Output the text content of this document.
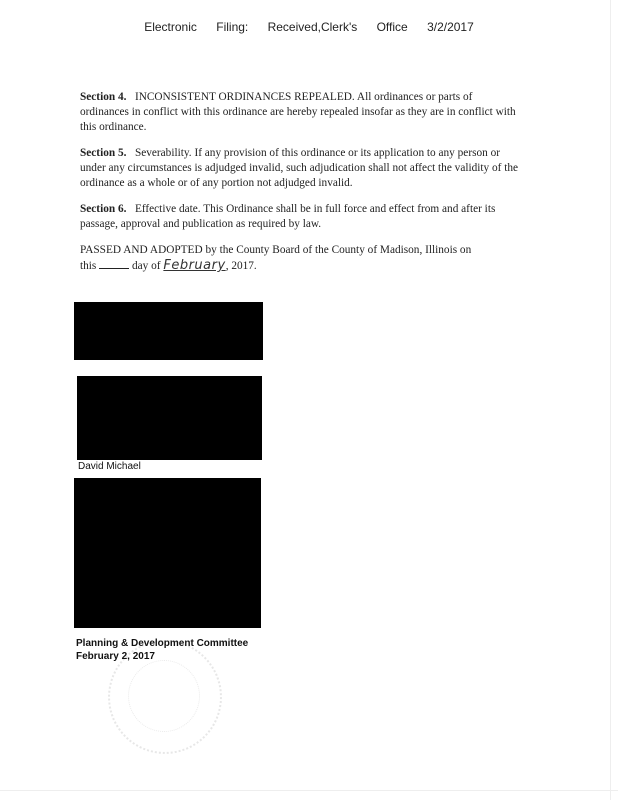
Electronic Filing: Received,Clerk's Office 3/2/2017
Section 4. INCONSISTENT ORDINANCES REPEALED. All ordinances or parts of ordinances in conflict with this ordinance are hereby repealed insofar as they are in conflict with this ordinance.
Section 5. Severability. If any provision of this ordinance or its application to any person or under any circumstances is adjudged invalid, such adjudication shall not affect the validity of the ordinance as a whole or of any portion not adjudged invalid.
Section 6. Effective date. This Ordinance shall be in full force and effect from and after its passage, approval and publication as required by law.
PASSED AND ADOPTED by the County Board of the County of Madison, Illinois on
this	day of February, 2017.
David Michael
Planning & Development Committee
February 2, 2017
